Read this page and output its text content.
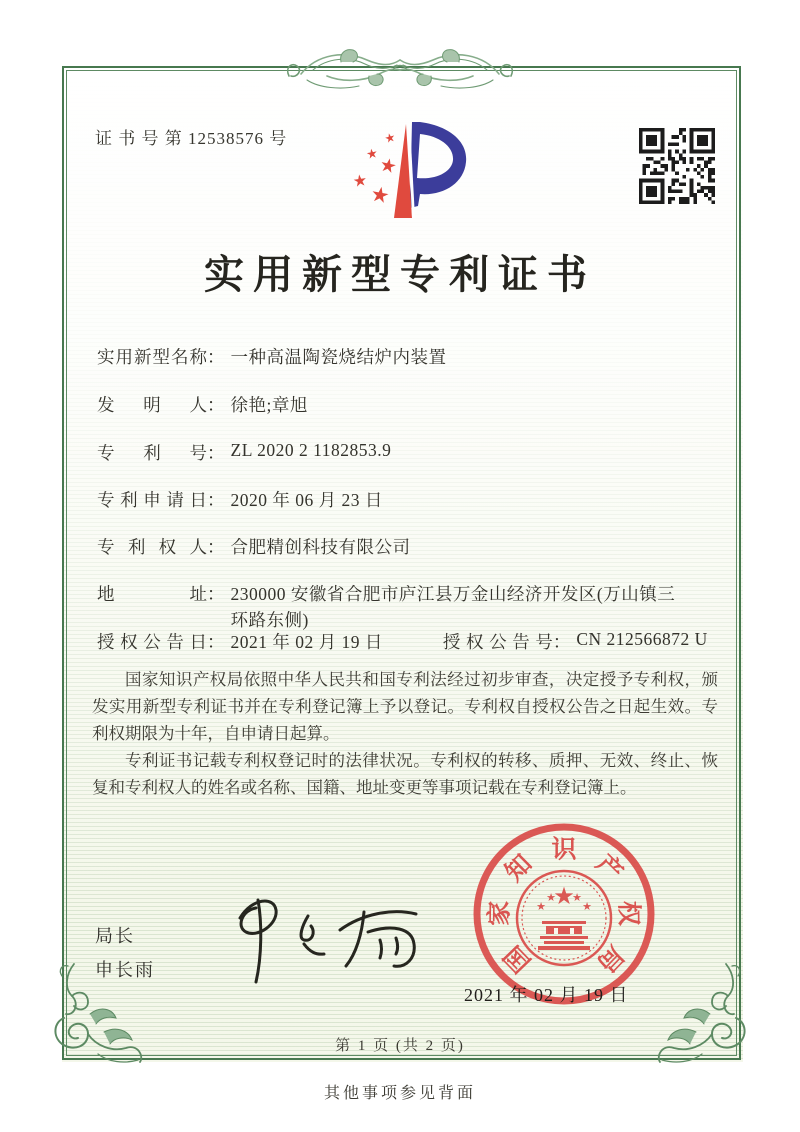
证 书 号 第 12538576 号	★
★
★
★
★
实用新型专利证书
实用新型名称： 一种高温陶瓷烧结炉内装置
发明人： 徐艳;章旭
专利号： ZL 2020 2 1182853.9
专利申请日： 2020 年 06 月 23 日
专利权人： 合肥精创科技有限公司
地址： 230000 安徽省合肥市庐江县万金山经济开发区(万山镇三环路东侧)
授权公告日： 2021 年 02 月 19 日	授权公告号： CN 212566872 U

国家知识产权局依照中华人民共和国专利法经过初步审查，决定授予专利权，颁发实用新型专利证书并在专利登记簿上予以登记。专利权自授权公告之日起生效。专利权期限为十年，自申请日起算。

专利证书记载专利权登记时的法律状况。专利权的转移、质押、无效、终止、恢复和专利权人的姓名或名称、国籍、地址变更等事项记载在专利登记簿上。

局长
申长雨
★
★
★ ★
★
国
家
知
识
产
权
局
2021 年 02 月 19 日
第 1 页 (共 2 页)
其他事项参见背面
